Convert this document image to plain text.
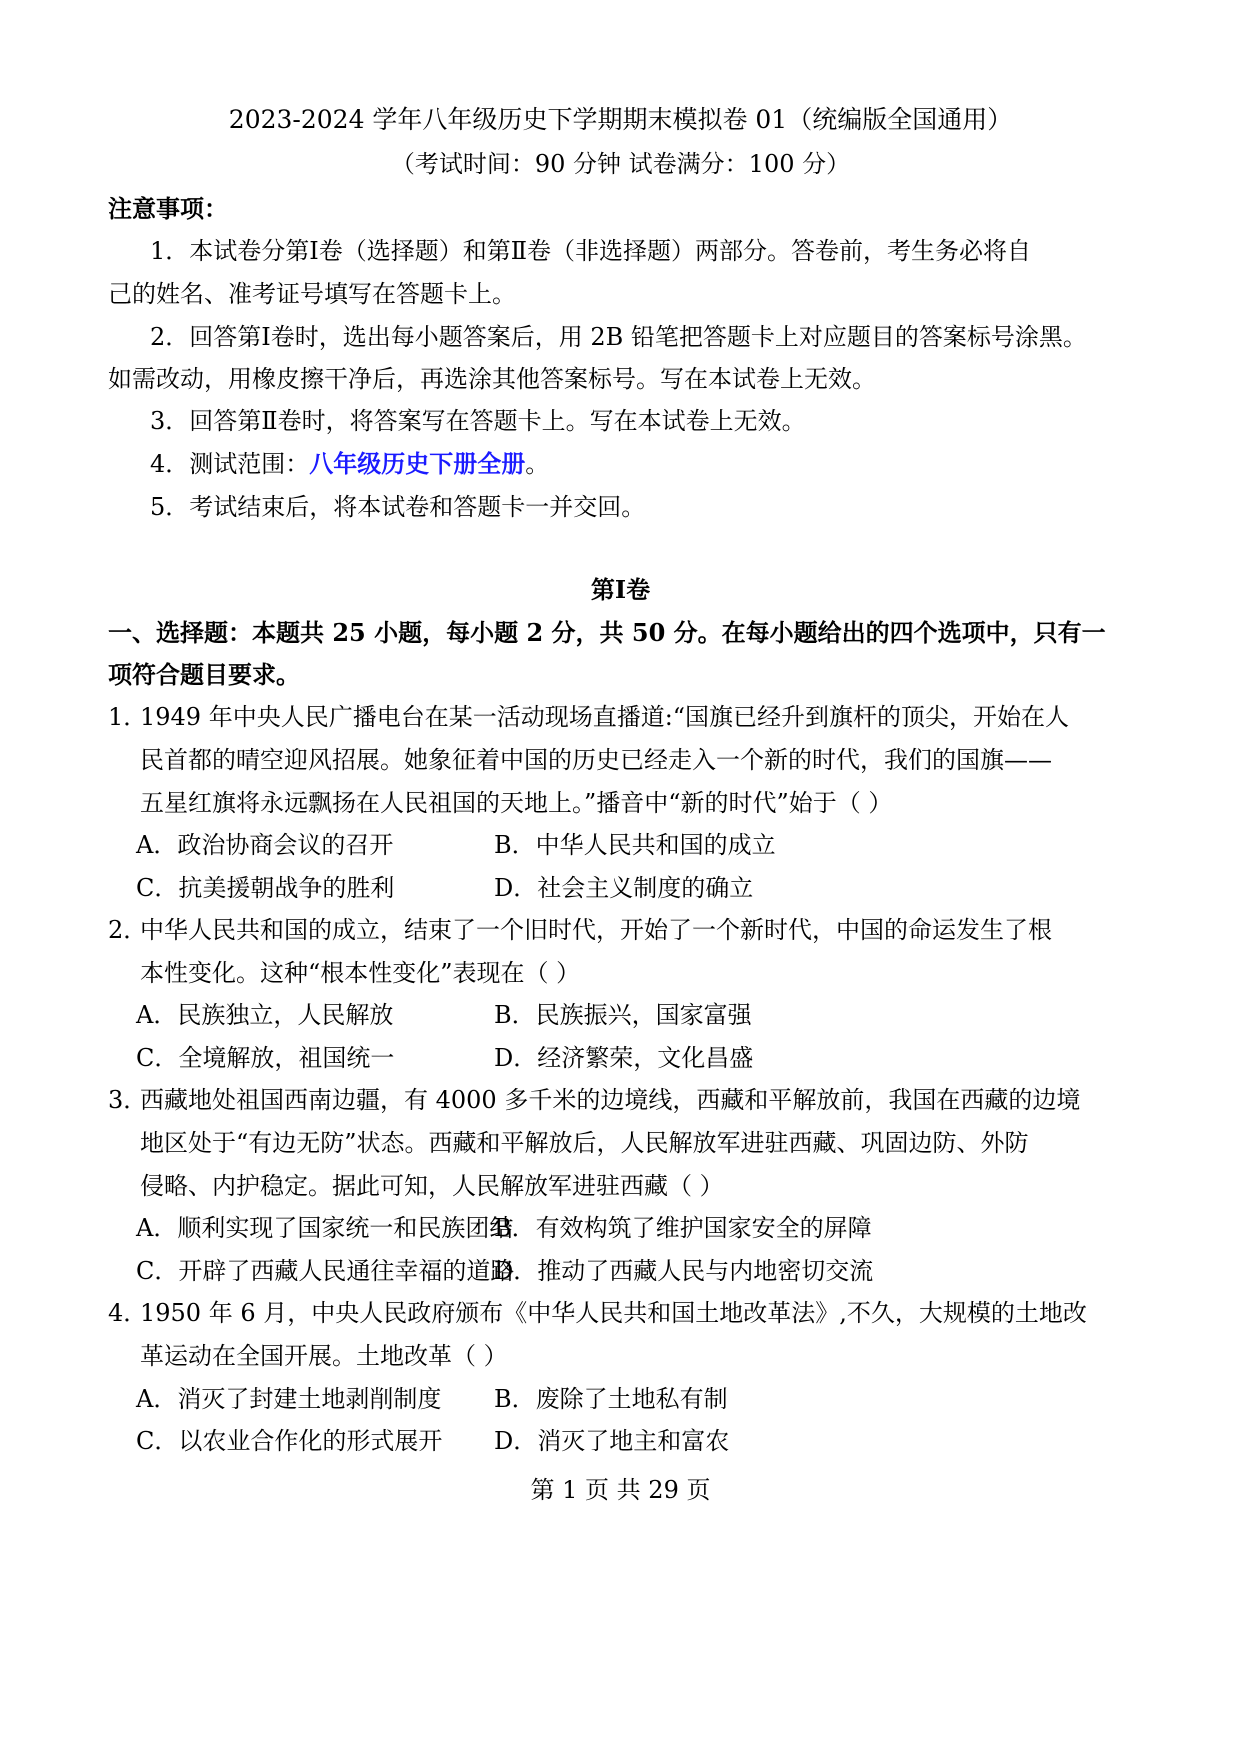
2023-2024 学年八年级历史下学期期末模拟卷 01（统编版全国通用）
（考试时间：90 分钟 试卷满分：100 分）
注意事项：
1．本试卷分第Ⅰ卷（选择题）和第Ⅱ卷（非选择题）两部分。答卷前，考生务必将自
己的姓名、准考证号填写在答题卡上。
2．回答第Ⅰ卷时，选出每小题答案后，用 2B 铅笔把答题卡上对应题目的答案标号涂黑。
如需改动，用橡皮擦干净后，再选涂其他答案标号。写在本试卷上无效。
3．回答第Ⅱ卷时，将答案写在答题卡上。写在本试卷上无效。
4．测试范围：八年级历史下册全册。
5．考试结束后，将本试卷和答题卡一并交回。
第Ⅰ卷
一、选择题：本题共 25 小题，每小题 2 分，共 50 分。在每小题给出的四个选项中，只有一
项符合题目要求。
1．1949 年中央人民广播电台在某一活动现场直播道:“国旗已经升到旗杆的顶尖，开始在人
民首都的晴空迎风招展。她象征着中国的历史已经走入一个新的时代，我们的国旗——
五星红旗将永远飘扬在人民祖国的天地上。”播音中“新的时代”始于（ ）
A．政治协商会议的召开	B．中华人民共和国的成立
C．抗美援朝战争的胜利	D．社会主义制度的确立
2．中华人民共和国的成立，结束了一个旧时代，开始了一个新时代，中国的命运发生了根
本性变化。这种“根本性变化”表现在（ ）
A．民族独立，人民解放	B．民族振兴，国家富强
C．全境解放，祖国统一	D．经济繁荣，文化昌盛
3．西藏地处祖国西南边疆，有 4000 多千米的边境线，西藏和平解放前，我国在西藏的边境
地区处于“有边无防”状态。西藏和平解放后，人民解放军进驻西藏、巩固边防、外防
侵略、内护稳定。据此可知，人民解放军进驻西藏（ ）
A．顺利实现了国家统一和民族团结
B．有效构筑了维护国家安全的屏障
C．开辟了西藏人民通往幸福的道路
D．推动了西藏人民与内地密切交流
4．1950 年 6 月，中央人民政府颁布《中华人民共和国土地改革法》,不久，大规模的土地改
革运动在全国开展。土地改革（ ）
A．消灭了封建土地剥削制度 B．废除了土地私有制
C．以农业合作化的形式展开 D．消灭了地主和富农
第 1 页 共 29 页
